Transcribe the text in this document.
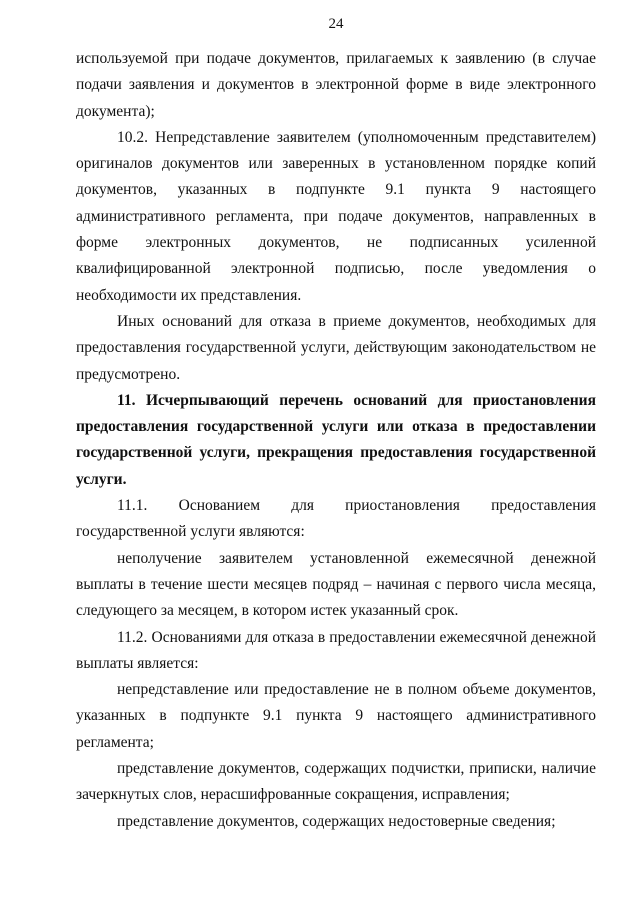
24

используемой при подаче документов, прилагаемых к заявлению (в случае подачи заявления и документов в электронной форме в виде электронного документа);

10.2. Непредставление заявителем (уполномоченным представителем) оригиналов документов или заверенных в установленном порядке копий документов, указанных в подпункте 9.1 пункта 9 настоящего административного регламента, при подаче документов, направленных в форме электронных документов, не подписанных усиленной квалифицированной электронной подписью, после уведомления о необходимости их представления.

Иных оснований для отказа в приеме документов, необходимых для предоставления государственной услуги, действующим законодательством не предусмотрено.

11. Исчерпывающий перечень оснований для приостановления предоставления государственной услуги или отказа в предоставлении государственной услуги, прекращения предоставления государственной услуги.

11.1. Основанием для приостановления предоставления государственной услуги являются:

неполучение заявителем установленной ежемесячной денежной выплаты в течение шести месяцев подряд – начиная с первого числа месяца, следующего за месяцем, в котором истек указанный срок.

11.2. Основаниями для отказа в предоставлении ежемесячной денежной выплаты является:

непредставление или предоставление не в полном объеме документов, указанных в подпункте 9.1 пункта 9 настоящего административного регламента;

представление документов, содержащих подчистки, приписки, наличие зачеркнутых слов, нерасшифрованные сокращения, исправления;

представление документов, содержащих недостоверные сведения;
